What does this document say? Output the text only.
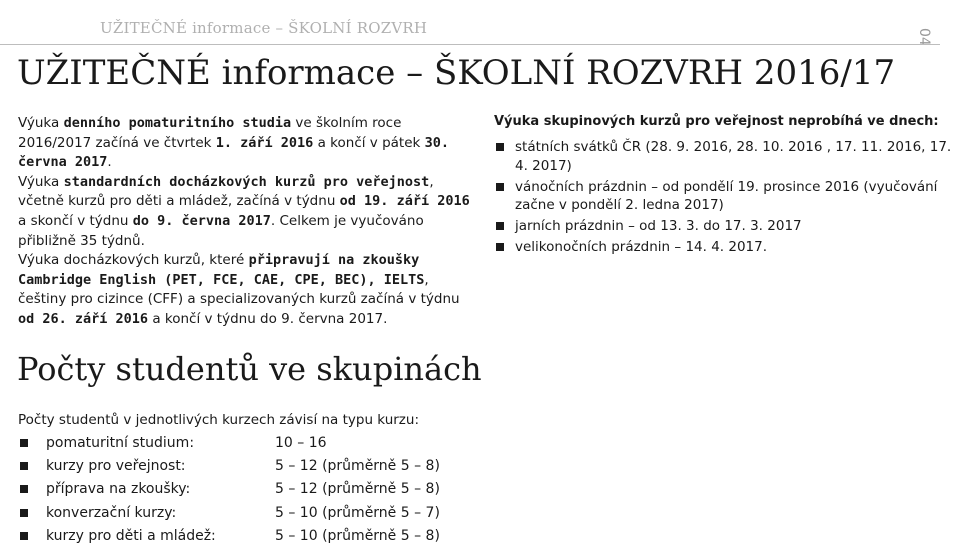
UŽITEČNÉ informace – ŠKOLNÍ ROZVRH	04
UŽITEČNÉ informace – ŠKOLNÍ ROZVRH 2016/17

Výuka denního pomaturitního studia ve školním roce 2016/2017 začíná ve čtvrtek 1. září 2016 a končí v pátek 30. června 2017.

Výuka standardních docházkových kurzů pro veřejnost, včetně kurzů pro děti a mládež, začíná v týdnu od 19. září 2016 a skončí v týdnu do 9. června 2017. Celkem je vyučováno přibližně 35 týdnů.

Výuka docházkových kurzů, které připravují na zkoušky Cambridge English (PET, FCE, CAE, CPE, BEC), IELTS, češtiny pro cizince (CFF) a specializovaných kurzů začíná v týdnu od 26. září 2016 a končí v týdnu do 9. června 2017.

Výuka skupinových kurzů pro veřejnost neprobíhá ve dnech:

státních svátků ČR (28. 9. 2016, 28. 10. 2016 , 17. 11. 2016, 17. 4. 2017)
vánočních prázdnin – od pondělí 19. prosince 2016 (vyučování začne v pondělí 2. ledna 2017)
jarních prázdnin – od 13. 3. do 17. 3. 2017
velikonočních prázdnin – 14. 4. 2017.
Počty studentů ve skupinách

Počty studentů v jednotlivých kurzech závisí na typu kurzu:

pomaturitní studium:	10 – 16
kurzy pro veřejnost:	5 – 12 (průměrně 5 – 8)
příprava na zkoušky:	5 – 12 (průměrně 5 – 8)
konverzační kurzy:	5 – 10 (průměrně 5 – 7)
kurzy pro děti a mládež:	5 – 10 (průměrně 5 – 8)
